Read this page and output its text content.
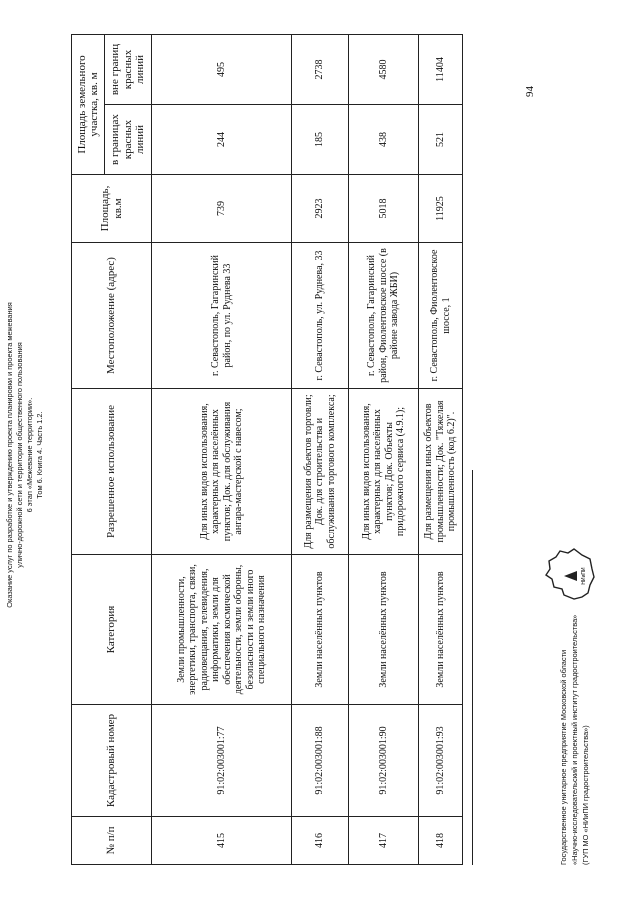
Оказание услуг по разработке и утверждению проекта планировки и проекта межевания улично-дорожной сети и территории общественного пользования 6 этап «Межевание территории». Том 6. Книга 4. Часть 1.2.
94
№ п/п	Кадастровый номер	Категория	Разрешенное использование	Местоположение (адрес)	Площадь, кв.м	Площадь земельного участка, кв. м	
						в границах красных линий	вне границ красных линий
415	91:02:003001:77	Земли промышленности, энергетики, транспорта, связи, радиовещания, телевидения, информатики, земли для обеспечения космической деятельности, земли обороны, безопасности и земли иного специального назначения	Для иных видов использования, характерных для населённых пунктов; Док. для обслуживания ангара-мастерской с навесом;	г. Севастополь, Гагаринский район, по ул. Руднева 33	739	244	495
416	91:02:003001:88	Земли населённых пунктов	Для размещения объектов торговли; Док. для строительства и обслуживания торгового комплекса;	г. Севастополь, ул. Руднева, 33	2923	185	2738
417	91:02:003001:90	Земли населённых пунктов	Для иных видов использования, характерных для населённых пунктов; Док. Объекты придорожного сервиса (4.9.1);	г. Севастополь, Гагаринский район, Фиолентовское шоссе (в районе завода ЖБИ)	5018	438	4580
418	91:02:003001:93	Земли населённых пунктов	Для размещения иных объектов промышленности; Док. "Тяжелая промышленность (код 6.2)".	г. Севастополь, Фиолентовское шоссе, 1	11925	521	11404
Государственное унитарное предприятие Московской области «Научно-исследовательский и проектный институт градостроительства» (ГУП МО «НИиПИ градостроительства»)
НИиПИ
